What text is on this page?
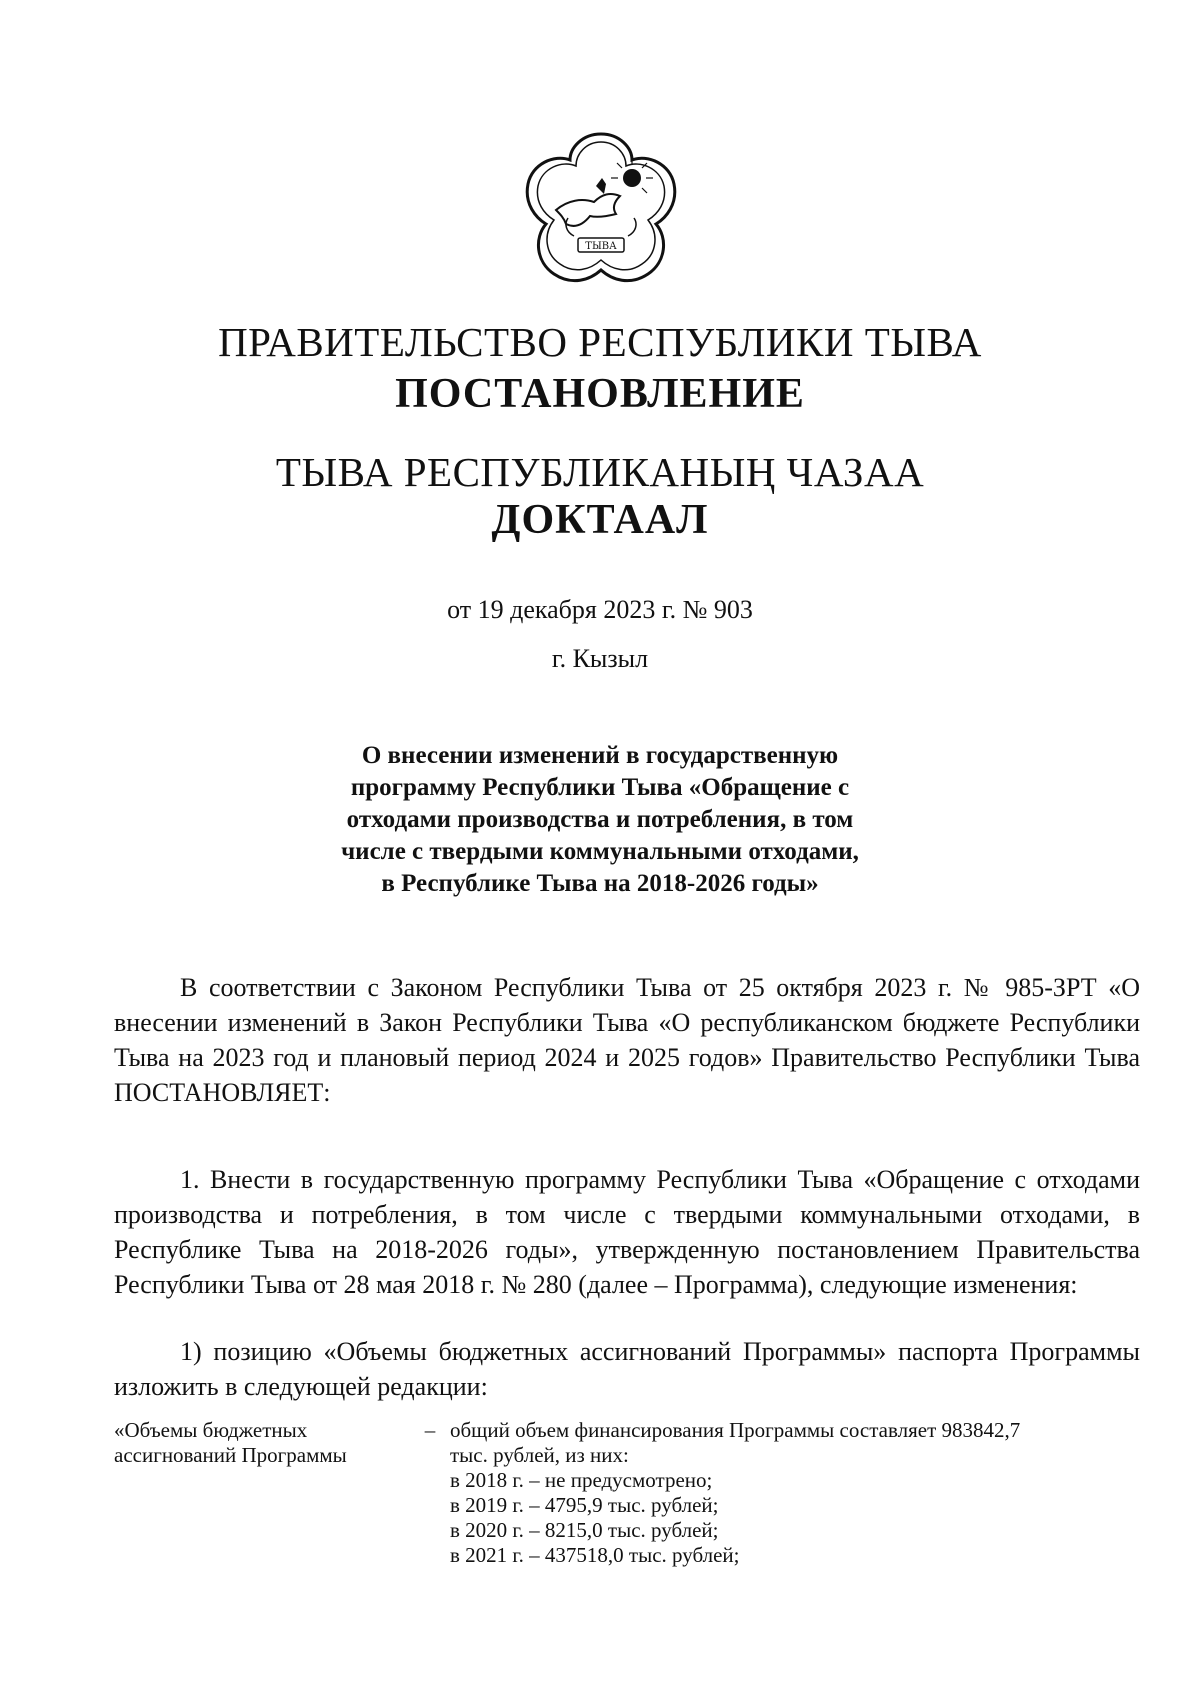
ТЫВА
ПРАВИТЕЛЬСТВО РЕСПУБЛИКИ ТЫВА
ПОСТАНОВЛЕНИЕ
ТЫВА РЕСПУБЛИКАНЫҢ ЧАЗАА
ДОКТААЛ
от 19 декабря 2023 г. № 903
г. Кызыл
О внесении изменений в государственную
программу Республики Тыва «Обращение с
отходами производства и потребления, в том
числе с твердыми коммунальными отходами,
в Республике Тыва на 2018-2026 годы»
В соответствии с Законом Республики Тыва от 25 октября 2023 г. № 985-ЗРТ «О внесении изменений в Закон Республики Тыва «О республиканском бюджете Республики Тыва на 2023 год и плановый период 2024 и 2025 годов» Правительство Республики Тыва ПОСТАНОВЛЯЕТ:
1. Внести в государственную программу Республики Тыва «Обращение с отходами производства и потребления, в том числе с твердыми коммунальными отходами, в Республике Тыва на 2018-2026 годы», утвержденную постановлением Правительства Республики Тыва от 28 мая 2018 г. № 280 (далее – Программа), следующие изменения:
1) позицию «Объемы бюджетных ассигнований Программы» паспорта Программы изложить в следующей редакции:
«Объемы бюджетных ассигнований Программы
– общий объем финансирования Программы составляет 983842,7
тыс. рублей, из них:
в 2018 г. – не предусмотрено;
в 2019 г. – 4795,9 тыс. рублей;
в 2020 г. – 8215,0 тыс. рублей;
в 2021 г. – 437518,0 тыс. рублей;
